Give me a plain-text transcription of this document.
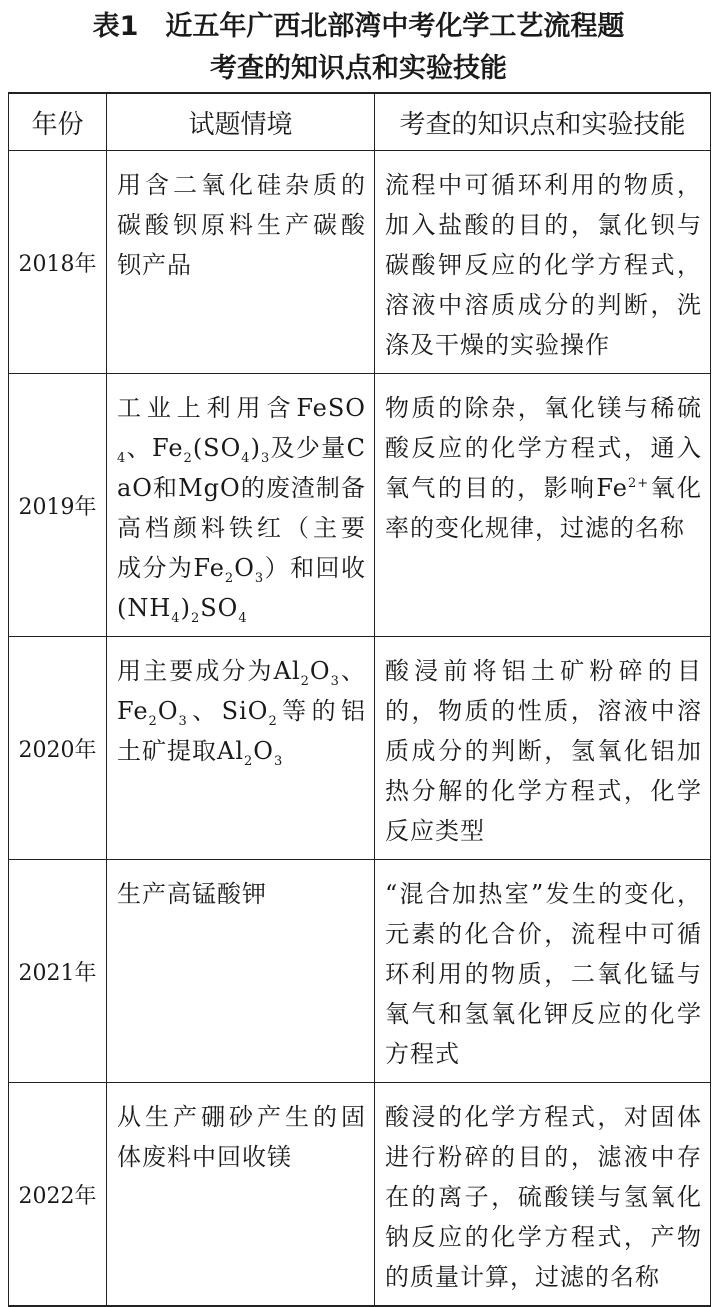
表1　近五年广西北部湾中考化学工艺流程题
考查的知识点和实验技能
年份	试题情境	考查的知识点和实验技能
2018年	用含二氧化硅杂质的碳酸钡原料生产碳酸钡产品	流程中可循环利用的物质，加入盐酸的目的，氯化钡与碳酸钾反应的化学方程式，溶液中溶质成分的判断，洗涤及干燥的实验操作
2019年	工业上利用含FeSO$_4$、$Fe_2(SO_4)_3$及少量CaO和MgO的废渣制备高档颜料铁红（主要成分为$Fe_2O_3$）和回收$(NH_4)_2SO_4$	物质的除杂，氧化镁与稀硫酸反应的化学方程式，通入氧气的目的，影响$Fe^{2+}$氧化率的变化规律，过滤的名称
2020年	用主要成分为$Al_2O_3$、$Fe_2O_3$、SiO$_2$等的铝土矿提取$Al_2O_3$	酸浸前将铝土矿粉碎的目的，物质的性质，溶液中溶质成分的判断，氢氧化铝加热分解的化学方程式，化学反应类型
2021年	生产高锰酸钾	“混合加热室”发生的变化，元素的化合价，流程中可循环利用的物质，二氧化锰与氧气和氢氧化钾反应的化学方程式
2022年	从生产硼砂产生的固体废料中回收镁	酸浸的化学方程式，对固体进行粉碎的目的，滤液中存在的离子，硫酸镁与氢氧化钠反应的化学方程式，产物的质量计算，过滤的名称
